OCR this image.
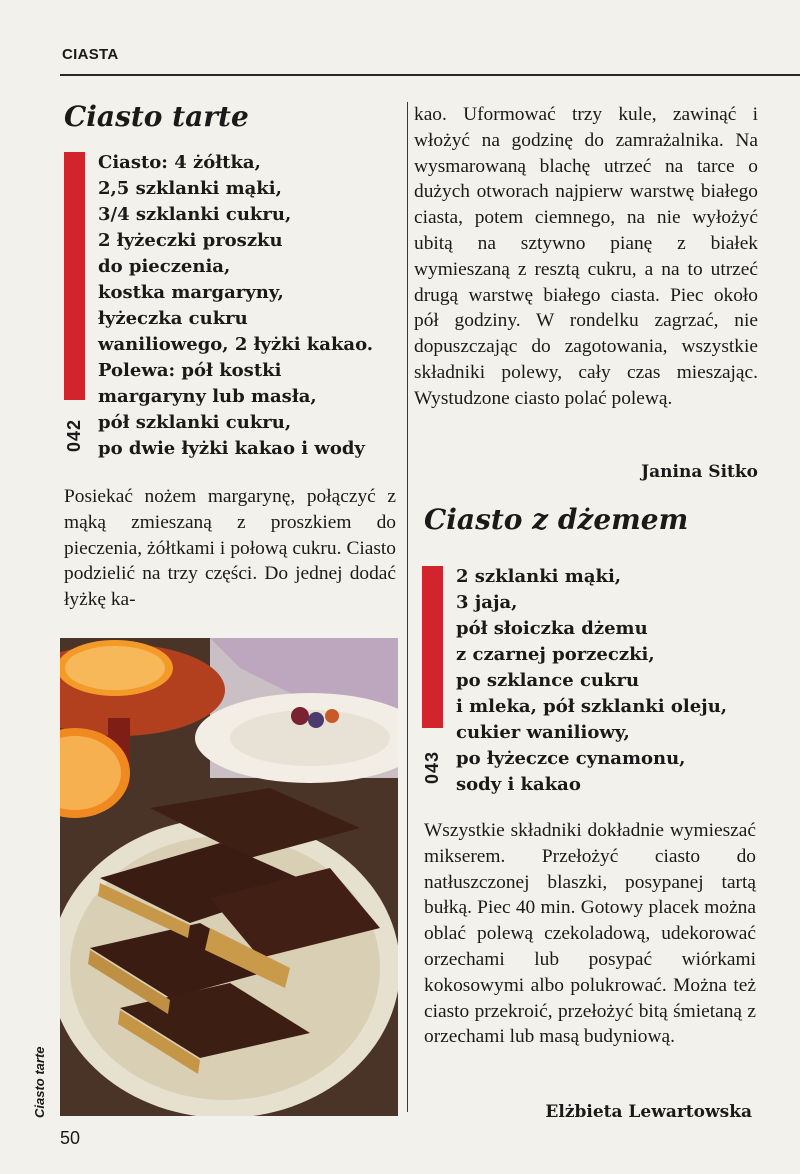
CIASTA
Ciasto tarte
042
Ciasto: 4 żółtka,
2,5 szklanki mąki,
3/4 szklanki cukru,
2 łyżeczki proszku
do pieczenia,
kostka margaryny,
łyżeczka cukru
waniliowego, 2 łyżki kakao.
Polewa: pół kostki
margaryny lub masła,
pół szklanki cukru,
po dwie łyżki kakao i wody
Posiekać nożem margarynę, połączyć z mąką zmieszaną z proszkiem do pieczenia, żółtkami i połową cukru. Ciasto podzielić na trzy części. Do jednej dodać łyżkę ka-
kao. Uformować trzy kule, zawinąć i włożyć na godzinę do zamrażalnika. Na wysmarowaną blachę utrzeć na tarce o dużych otworach najpierw warstwę białego ciasta, potem ciemnego, na nie wyłożyć ubitą na sztywno pianę z białek wymieszaną z resztą cukru, a na to utrzeć drugą warstwę białego ciasta. Piec około pół godziny. W rondelku zagrzać, nie dopuszczając do zagotowania, wszystkie składniki polewy, cały czas mieszając. Wystudzone ciasto polać polewą.
Janina Sitko
Ciasto z dżemem
043
2 szklanki mąki,
3 jaja,
pół słoiczka dżemu
z czarnej porzeczki,
po szklance cukru
i mleka, pół szklanki oleju,
cukier waniliowy,
po łyżeczce cynamonu,
sody i kakao
Wszystkie składniki dokładnie wymieszać mikserem. Przełożyć ciasto do natłuszczonej blaszki, posypanej tartą bułką. Piec 40 min. Gotowy placek można oblać polewą czekoladową, udekorować orzechami lub posypać wiórkami kokosowymi albo polukrować. Można też ciasto przekroić, przełożyć bitą śmietaną z orzechami lub masą budyniową.
Elżbieta Lewartowska
Ciasto tarte
50
